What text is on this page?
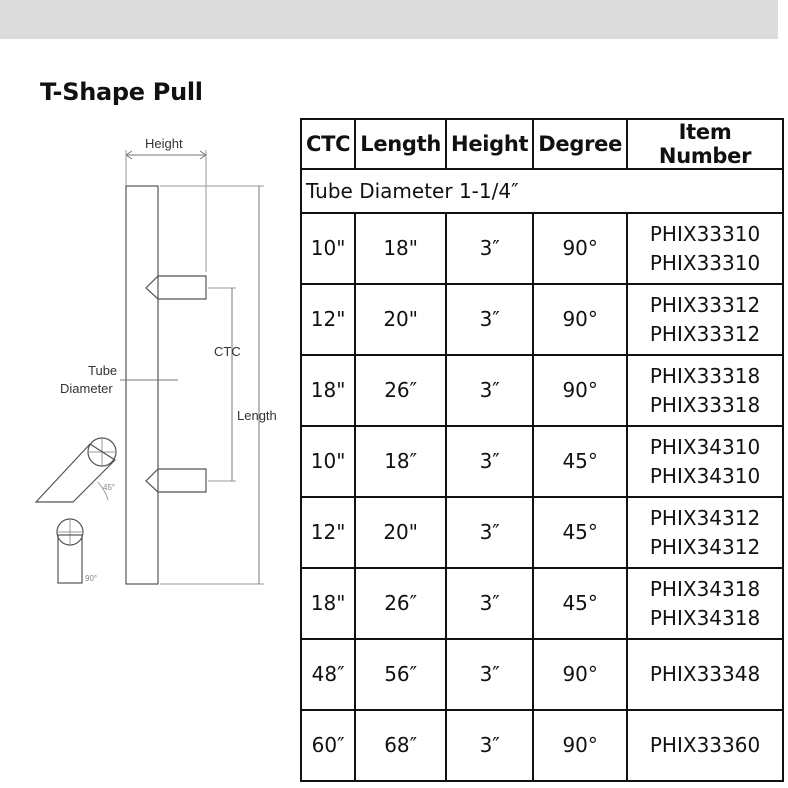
T-Shape Pull
Height
CTC
Length
Tube
Diameter
45°
90°
CTC	Length	Height	Degree	Item Number
Tube Diameter 1-1/4″				
10"	18"	3″	90°	PHIX33310
PHIX33310
12"	20"	3″	90°	PHIX33312
PHIX33312
18"	26″	3″	90°	PHIX33318
PHIX33318
10"	18″	3″	45°	PHIX34310
PHIX34310
12"	20"	3″	45°	PHIX34312
PHIX34312
18"	26″	3″	45°	PHIX34318
PHIX34318
48″	56″	3″	90°	PHIX33348
60″	68″	3″	90°	PHIX33360
